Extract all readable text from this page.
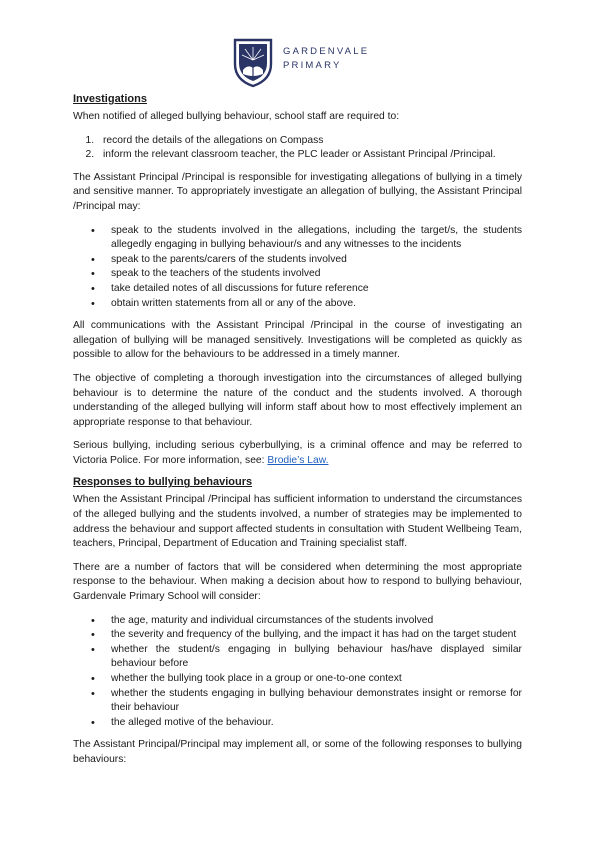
GARDENVALE
PRIMARY
Investigations

When notified of alleged bullying behaviour, school staff are required to:

1. record the details of the allegations on Compass
2. inform the relevant classroom teacher, the PLC leader or Assistant Principal /Principal.

The Assistant Principal /Principal is responsible for investigating allegations of bullying in a timely and sensitive manner. To appropriately investigate an allegation of bullying, the Assistant Principal /Principal may:

• speak to the students involved in the allegations, including the target/s, the students allegedly engaging in bullying behaviour/s and any witnesses to the incidents
• speak to the parents/carers of the students involved
• speak to the teachers of the students involved
• take detailed notes of all discussions for future reference
• obtain written statements from all or any of the above.

All communications with the Assistant Principal /Principal in the course of investigating an allegation of bullying will be managed sensitively. Investigations will be completed as quickly as possible to allow for the behaviours to be addressed in a timely manner.

The objective of completing a thorough investigation into the circumstances of alleged bullying behaviour is to determine the nature of the conduct and the students involved. A thorough understanding of the alleged bullying will inform staff about how to most effectively implement an appropriate response to that behaviour.

Serious bullying, including serious cyberbullying, is a criminal offence and may be referred to Victoria Police. For more information, see: Brodie’s Law.

Responses to bullying behaviours

When the Assistant Principal /Principal has sufficient information to understand the circumstances of the alleged bullying and the students involved, a number of strategies may be implemented to address the behaviour and support affected students in consultation with Student Wellbeing Team, teachers, Principal, Department of Education and Training specialist staff.

There are a number of factors that will be considered when determining the most appropriate response to the behaviour. When making a decision about how to respond to bullying behaviour, Gardenvale Primary School will consider:

• the age, maturity and individual circumstances of the students involved
• the severity and frequency of the bullying, and the impact it has had on the target student
• whether the student/s engaging in bullying behaviour has/have displayed similar behaviour before
• whether the bullying took place in a group or one-to-one context
• whether the students engaging in bullying behaviour demonstrates insight or remorse for their behaviour
• the alleged motive of the behaviour.

The Assistant Principal/Principal may implement all, or some of the following responses to bullying behaviours:
